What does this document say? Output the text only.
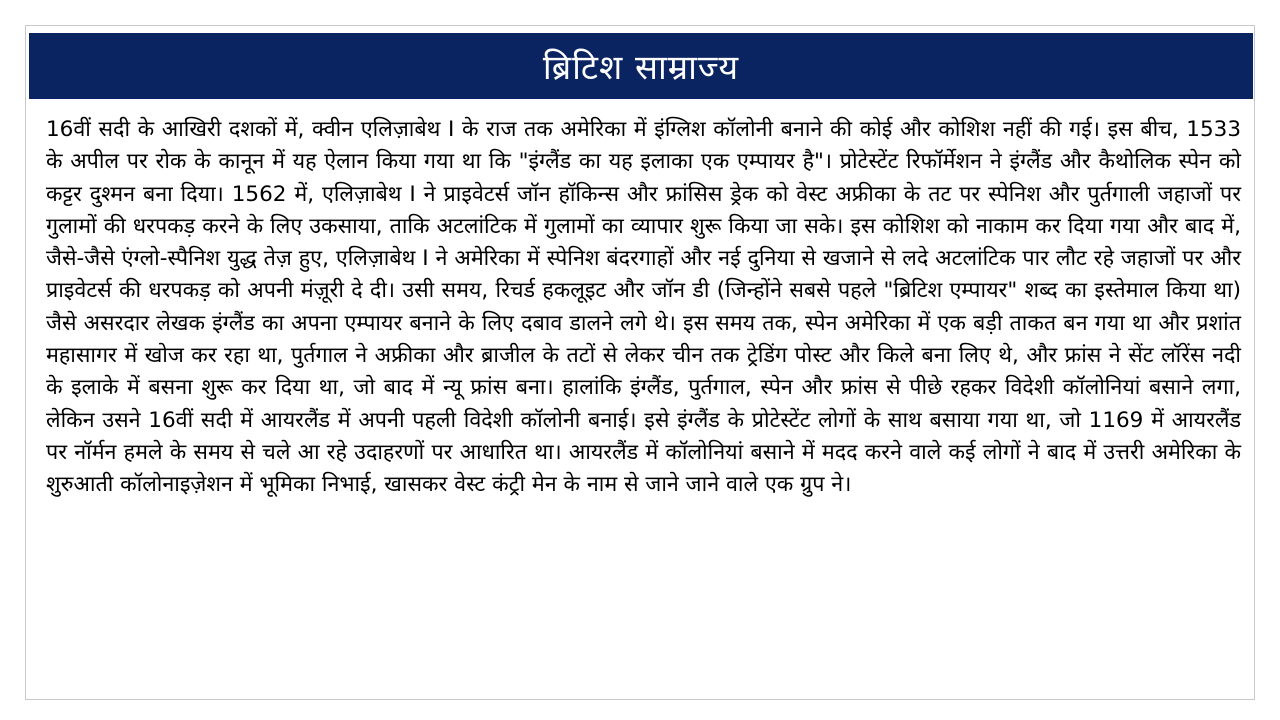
ब्रिटिश साम्राज्य

16वीं सदी के आखिरी दशकों में, क्वीन एलिज़ाबेथ I के राज तक अमेरिका में इंग्लिश कॉलोनी बनाने की कोई और कोशिश नहीं की गई। इस बीच, 1533 के अपील पर रोक के कानून में यह ऐलान किया गया था कि "इंग्लैंड का यह इलाका एक एम्पायर है"। प्रोटेस्टेंट रिफॉर्मेशन ने इंग्लैंड और कैथोलिक स्पेन को कट्टर दुश्मन बना दिया। 1562 में, एलिज़ाबेथ I ने प्राइवेटर्स जॉन हॉकिन्स और फ्रांसिस ड्रेक को वेस्ट अफ्रीका के तट पर स्पेनिश और पुर्तगाली जहाजों पर गुलामों की धरपकड़ करने के लिए उकसाया, ताकि अटलांटिक में गुलामों का व्यापार शुरू किया जा सके। इस कोशिश को नाकाम कर दिया गया और बाद में, जैसे-जैसे एंग्लो-स्पैनिश युद्ध तेज़ हुए, एलिज़ाबेथ I ने अमेरिका में स्पेनिश बंदरगाहों और नई दुनिया से खजाने से लदे अटलांटिक पार लौट रहे जहाजों पर और प्राइवेटर्स की धरपकड़ को अपनी मंज़ूरी दे दी। उसी समय, रिचर्ड हकलूइट और जॉन डी (जिन्होंने सबसे पहले "ब्रिटिश एम्पायर" शब्द का इस्तेमाल किया था) जैसे असरदार लेखक इंग्लैंड का अपना एम्पायर बनाने के लिए दबाव डालने लगे थे। इस समय तक, स्पेन अमेरिका में एक बड़ी ताकत बन गया था और प्रशांत महासागर में खोज कर रहा था, पुर्तगाल ने अफ्रीका और ब्राजील के तटों से लेकर चीन तक ट्रेडिंग पोस्ट और किले बना लिए थे, और फ्रांस ने सेंट लॉरेंस नदी के इलाके में बसना शुरू कर दिया था, जो बाद में न्यू फ्रांस बना। हालांकि इंग्लैंड, पुर्तगाल, स्पेन और फ्रांस से पीछे रहकर विदेशी कॉलोनियां बसाने लगा, लेकिन उसने 16वीं सदी में आयरलैंड में अपनी पहली विदेशी कॉलोनी बनाई। इसे इंग्लैंड के प्रोटेस्टेंट लोगों के साथ बसाया गया था, जो 1169 में आयरलैंड पर नॉर्मन हमले के समय से चले आ रहे उदाहरणों पर आधारित था। आयरलैंड में कॉलोनियां बसाने में मदद करने वाले कई लोगों ने बाद में उत्तरी अमेरिका के शुरुआती कॉलोनाइज़ेशन में भूमिका निभाई, खासकर वेस्ट कंट्री मेन के नाम से जाने जाने वाले एक ग्रुप ने।
